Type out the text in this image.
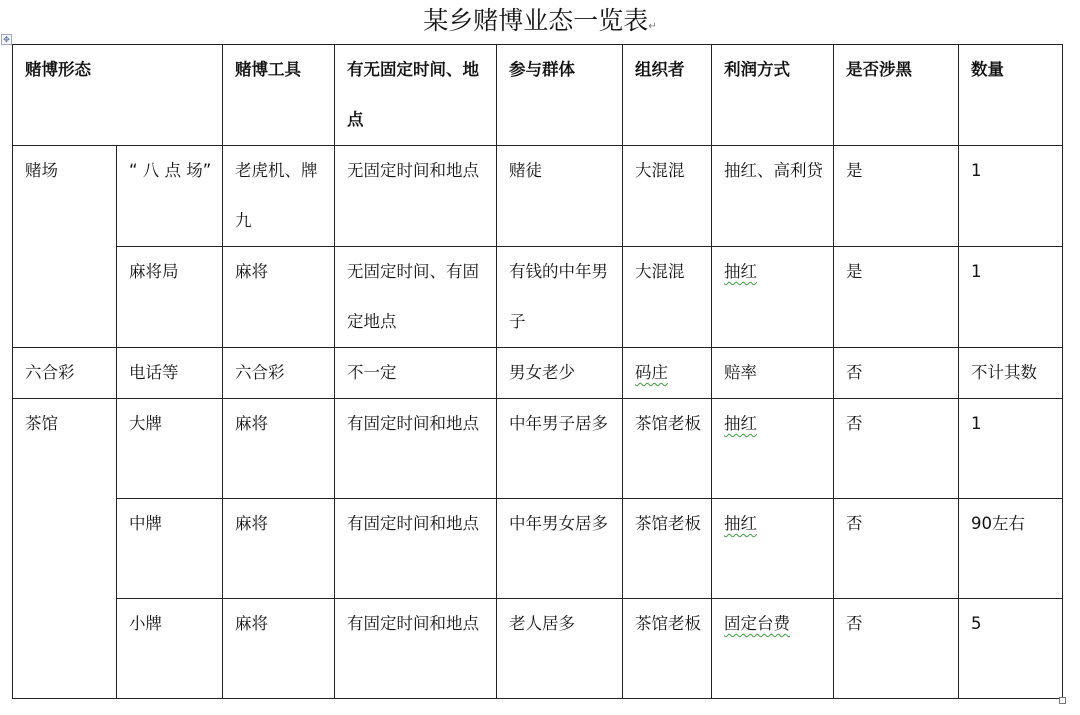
某乡赌博业态一览表↵
✥
赌博形态		赌博工具	有无固定时间、地点	参与群体	组织者	利润方式	是否涉黑	数量

赌场	“ 八 点 场”	老虎机、牌九	无固定时间和地点	赌徒	大混混	抽红、高利贷	是	1

	麻将局	麻将	无固定时间、有固定地点	有钱的中年男子	大混混	抽红	是	1

六合彩	电话等	六合彩	不一定	男女老少	码庄	赔率	否	不计其数

茶馆	大牌	麻将	有固定时间和地点	中年男子居多	茶馆老板	抽红	否	1

	中牌	麻将	有固定时间和地点	中年男女居多	茶馆老板	抽红	否	90左右

	小牌	麻将	有固定时间和地点	老人居多	茶馆老板	固定台费	否	5
